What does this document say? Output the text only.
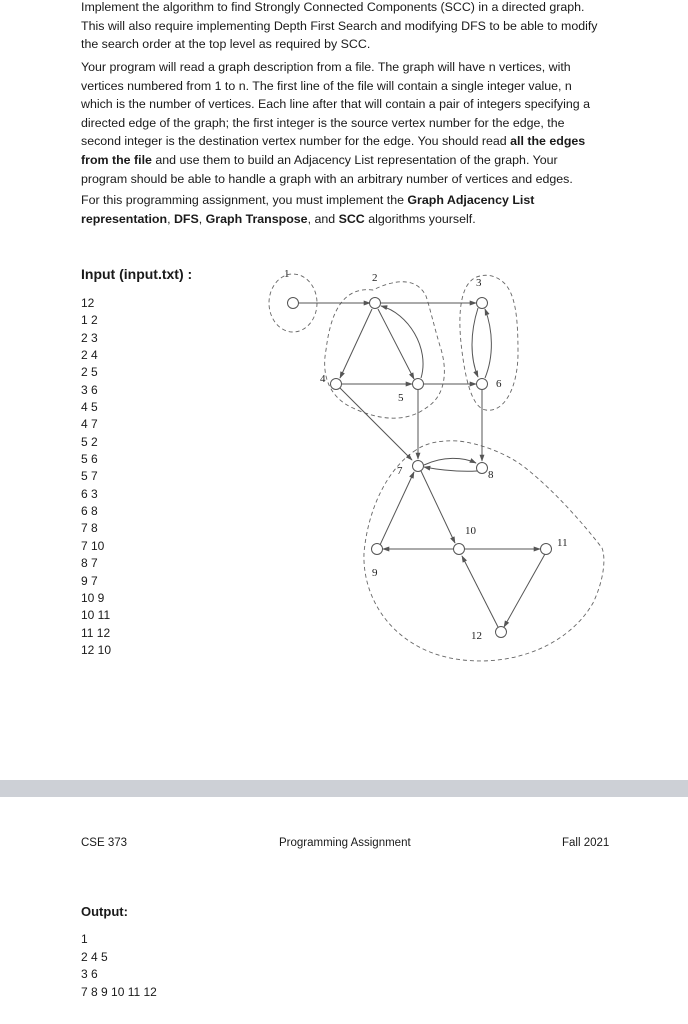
Implement the algorithm to find Strongly Connected Components (SCC) in a directed graph. This will also require implementing Depth First Search and modifying DFS to be able to modify the search order at the top level as required by SCC.

Your program will read a graph description from a file. The graph will have n vertices, with vertices numbered from 1 to n. The first line of the file will contain a single integer value, n which is the number of vertices. Each line after that will contain a pair of integers specifying a directed edge of the graph; the first integer is the source vertex number for the edge, the second integer is the destination vertex number for the edge. You should read all the edges from the file and use them to build an Adjacency List representation of the graph. Your program should be able to handle a graph with an arbitrary number of vertices and edges.

For this programming assignment, you must implement the Graph Adjacency List representation, DFS, Graph Transpose, and SCC algorithms yourself.

Input (input.txt) :
12
1 2
2 3
2 4
2 5
3 6
4 5
4 7
5 2
5 6
5 7
6 3
6 8
7 8
7 10
8 7
9 7
10 9
10 11
11 12
12 10
1	2	3
4
5
6
7	8
9
10
11
12

CSE 373	Programming Assignment	Fall 2021

Output:
1
2 4 5
3 6
7 8 9 10 11 12
